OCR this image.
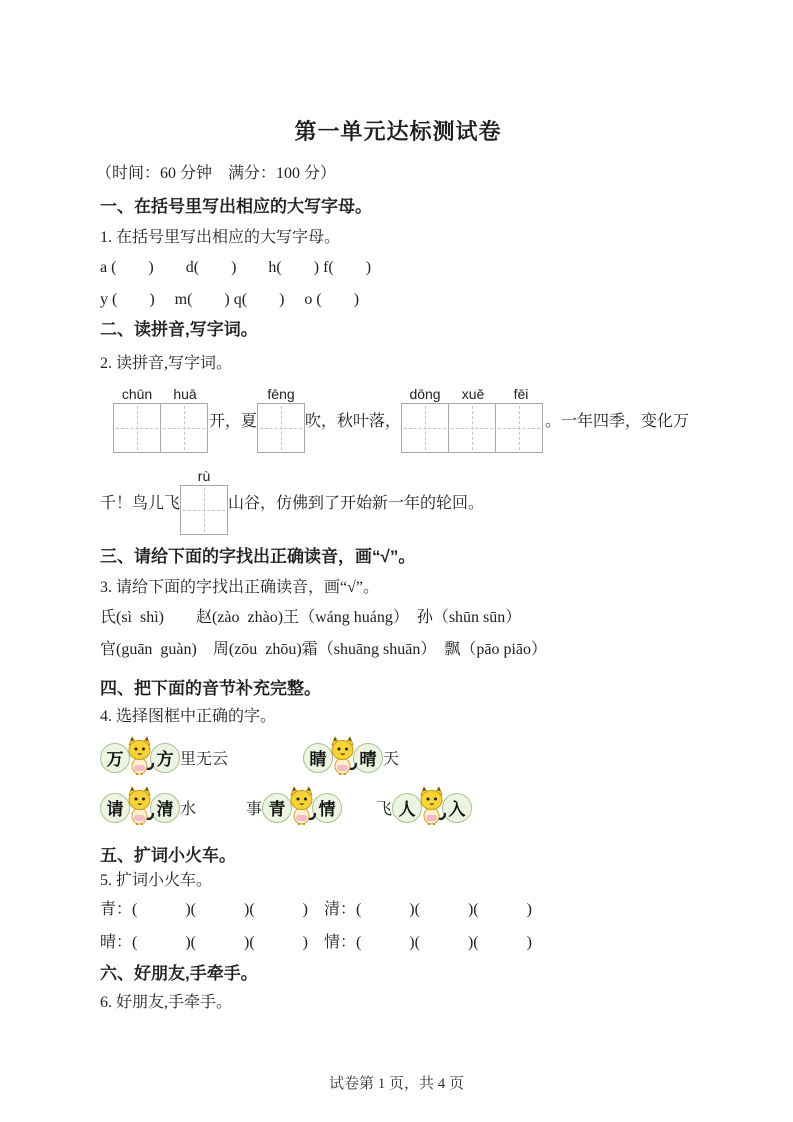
第一单元达标测试卷
（时间：60 分钟　满分：100 分）
一、在括号里写出相应的大写字母。
1. 在括号里写出相应的大写字母。
a (　　)　　d(　　)　　h(　　) f(　　)
y (　　)　 m(　　) q(　　)　 o (　　)
二、读拼音,写字词。
2. 读拼音,写字词。
chūn	huā
开，夏
fēng
吹，秋叶落，
dōng	xuě	fēi
。一年四季，变化万
千！鸟儿飞
rù
山谷，仿佛到了开始新一年的轮回。
三、请给下面的字找出正确读音，画“√”。
3. 请给下面的字找出正确读音，画“√”。
氏(sì  shì)　　赵(zào  zhào)王（wáng huáng）　孙（shūn sūn）
官(guān  guàn)　周(zōu  zhōu)霜（shuāng shuān）　飘（pāo piāo）
四、把下面的音节补充完整。
4. 选择图框中正确的字。
万	方 里无云	睛	晴 天
请	清 水	事 青	情	飞 人	入
五、扩词小火车。
5. 扩词小火车。
青：(　　　)(　　　)(　　　)　清：(　　　)(　　　)(　　　)
晴：(　　　)(　　　)(　　　)　情：(　　　)(　　　)(　　　)
六、好朋友,手牵手。
6. 好朋友,手牵手。
试卷第 1 页，共 4 页
